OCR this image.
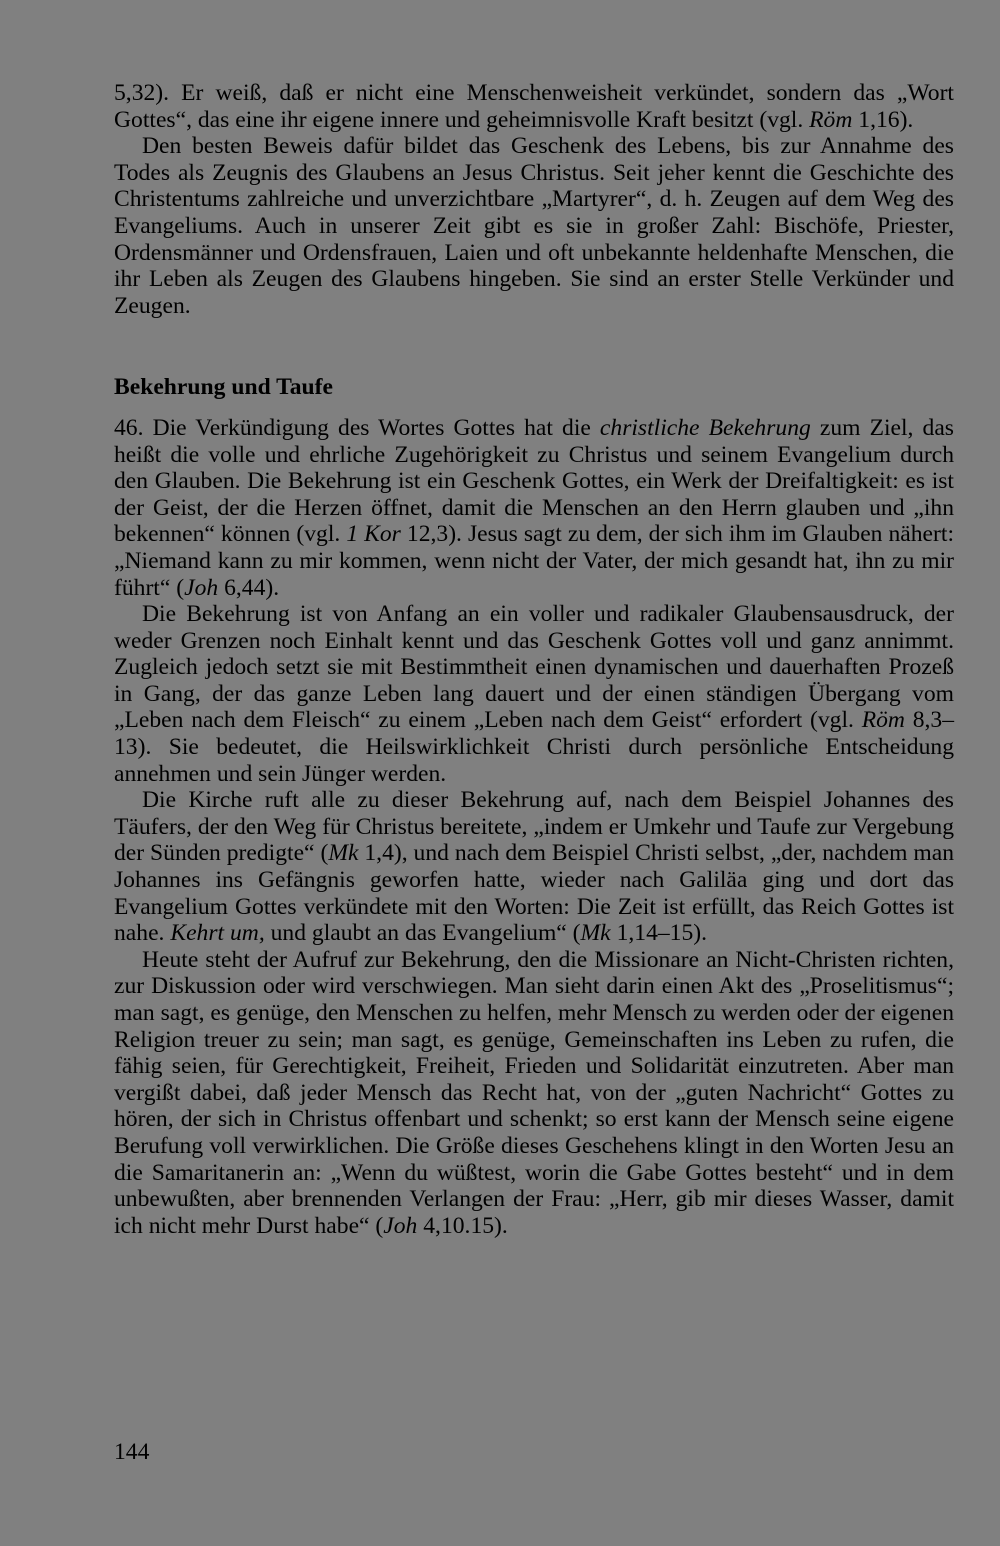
5,32). Er weiß, daß er nicht eine Menschenweisheit verkündet, sondern das „Wort Gottes“, das eine ihr eigene innere und geheimnisvolle Kraft besitzt (vgl. Röm 1,16).

Den besten Beweis dafür bildet das Geschenk des Lebens, bis zur Annahme des Todes als Zeugnis des Glaubens an Jesus Christus. Seit jeher kennt die Geschichte des Christentums zahlreiche und unverzichtbare „Martyrer“, d. h. Zeugen auf dem Weg des Evangeliums. Auch in unserer Zeit gibt es sie in großer Zahl: Bischöfe, Priester, Ordensmänner und Ordensfrauen, Laien und oft unbekannte heldenhafte Menschen, die ihr Leben als Zeugen des Glaubens hingeben. Sie sind an erster Stelle Verkünder und Zeugen.

Bekehrung und Taufe

46. Die Verkündigung des Wortes Gottes hat die christliche Bekehrung zum Ziel, das heißt die volle und ehrliche Zugehörigkeit zu Christus und seinem Evangelium durch den Glauben. Die Bekehrung ist ein Geschenk Gottes, ein Werk der Dreifaltigkeit: es ist der Geist, der die Herzen öffnet, damit die Menschen an den Herrn glauben und „ihn bekennen“ können (vgl. 1 Kor 12,3). Jesus sagt zu dem, der sich ihm im Glauben nähert: „Niemand kann zu mir kommen, wenn nicht der Vater, der mich gesandt hat, ihn zu mir führt“ (Joh 6,44).

Die Bekehrung ist von Anfang an ein voller und radikaler Glaubensausdruck, der weder Grenzen noch Einhalt kennt und das Geschenk Gottes voll und ganz annimmt. Zugleich jedoch setzt sie mit Bestimmtheit einen dynamischen und dauerhaften Prozeß in Gang, der das ganze Leben lang dauert und der einen ständigen Übergang vom „Leben nach dem Fleisch“ zu einem „Leben nach dem Geist“ erfordert (vgl. Röm 8,3–13). Sie bedeutet, die Heilswirklichkeit Christi durch persönliche Entscheidung annehmen und sein Jünger werden.

Die Kirche ruft alle zu dieser Bekehrung auf, nach dem Beispiel Johannes des Täufers, der den Weg für Christus bereitete, „indem er Umkehr und Taufe zur Vergebung der Sünden predigte“ (Mk 1,4), und nach dem Beispiel Christi selbst, „der, nachdem man Johannes ins Gefängnis geworfen hatte, wieder nach Galiläa ging und dort das Evangelium Gottes verkündete mit den Worten: Die Zeit ist erfüllt, das Reich Gottes ist nahe. Kehrt um, und glaubt an das Evangelium“ (Mk 1,14–15).

Heute steht der Aufruf zur Bekehrung, den die Missionare an Nicht-Christen richten, zur Diskussion oder wird verschwiegen. Man sieht darin einen Akt des „Proselitismus“; man sagt, es genüge, den Menschen zu helfen, mehr Mensch zu werden oder der eigenen Religion treuer zu sein; man sagt, es genüge, Gemeinschaften ins Leben zu rufen, die fähig seien, für Gerechtigkeit, Freiheit, Frieden und Solidarität einzutreten. Aber man vergißt dabei, daß jeder Mensch das Recht hat, von der „guten Nachricht“ Gottes zu hören, der sich in Christus offenbart und schenkt; so erst kann der Mensch seine eigene Berufung voll verwirklichen. Die Größe dieses Geschehens klingt in den Worten Jesu an die Samaritanerin an: „Wenn du wüßtest, worin die Gabe Gottes besteht“ und in dem unbewußten, aber brennenden Verlangen der Frau: „Herr, gib mir dieses Wasser, damit ich nicht mehr Durst habe“ (Joh 4,10.15).

144
